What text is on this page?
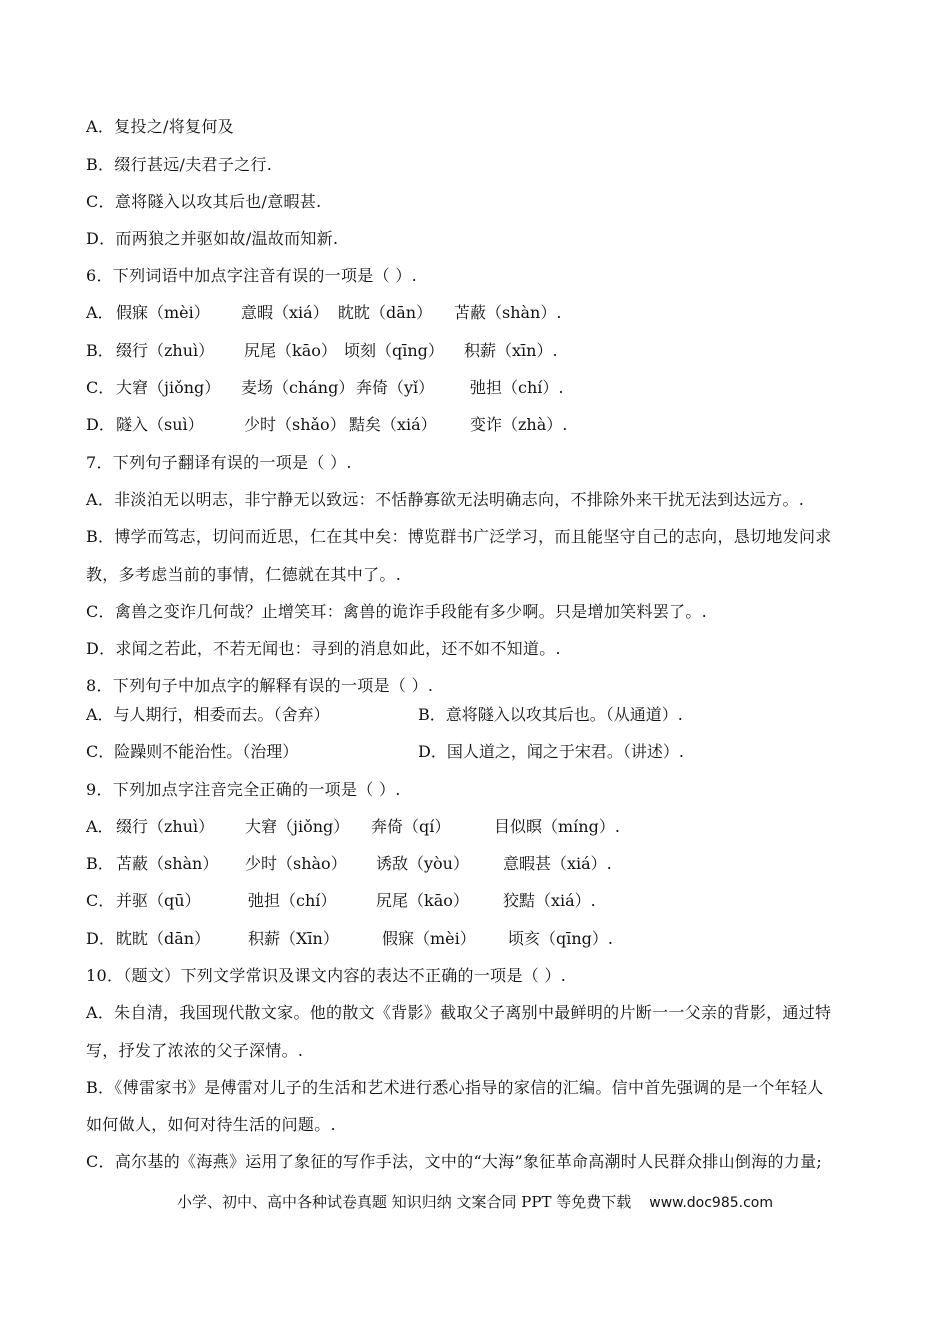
A．复投之/将复何及
B．缀行甚远/夫君子之行.
C．意将隧入以攻其后也/意暇甚.
D．而两狼之并驱如故/温故而知新.
6．下列词语中加点字注音有误的一项是（ ）.
A． 假寐（mèi） 意暇（xiá） 眈眈（dān） 苫蔽（shàn）.
B． 缀行（zhuì） 尻尾（kāo） 顷刻（qīng） 积薪（xīn）.
C． 大窘（jiǒng） 麦场（cháng） 奔倚（yǐ） 弛担（chí）.
D． 隧入（suì）	少时（shǎo） 黠矣（xiá） 变诈（zhà）.
7．下列句子翻译有误的一项是（ ）.
A．非淡泊无以明志，非宁静无以致远：不恬静寡欲无法明确志向，不排除外来干扰无法到达远方。.
B．博学而笃志，切问而近思，仁在其中矣：博览群书广泛学习，而且能坚守自己的志向，恳切地发问求
教，多考虑当前的事情，仁德就在其中了。.
C．禽兽之变诈几何哉？止增笑耳：禽兽的诡诈手段能有多少啊。只是增加笑料罢了。.
D．求闻之若此，不若无闻也：寻到的消息如此，还不如不知道。.
8．下列句子中加点字的解释有误的一项是（ ）.
A．与人期行，相委而去。（舍弃）	B．意将隧入以攻其后也。（从通道）.
C．险躁则不能治性。（治理）	D．国人道之，闻之于宋君。（讲述）.
9．下列加点字注音完全正确的一项是（ ）.
A． 缀行（zhuì） 大窘（jiǒng） 奔倚（qí）	目似瞑（míng）.
B． 苫蔽（shàn） 少时（shào） 诱敌（yòu） 意暇甚（xiá）.
C． 并驱（qū）	弛担（chí） 尻尾（kāo） 狡黠（xiá）.
D． 眈眈（dān） 积薪（Xīn）	假寐（mèi） 顷亥（qīng）.
10．（题文）下列文学常识及课文内容的表达不正确的一项是（ ）.
A．朱自清，我国现代散文家。他的散文《背影》截取父子离别中最鲜明的片断一一父亲的背影，通过特
写，抒发了浓浓的父子深情。.
B．《傅雷家书》是傅雷对儿子的生活和艺术进行悉心指导的家信的汇编。信中首先强调的是一个年轻人
如何做人，如何对待生活的问题。.
C．高尔基的《海燕》运用了象征的写作手法，文中的“大海”象征革命高潮时人民群众排山倒海的力量;
小学、初中、高中各种试卷真题 知识归纳 文案合同 PPT 等免费下载 www.doc985.com
